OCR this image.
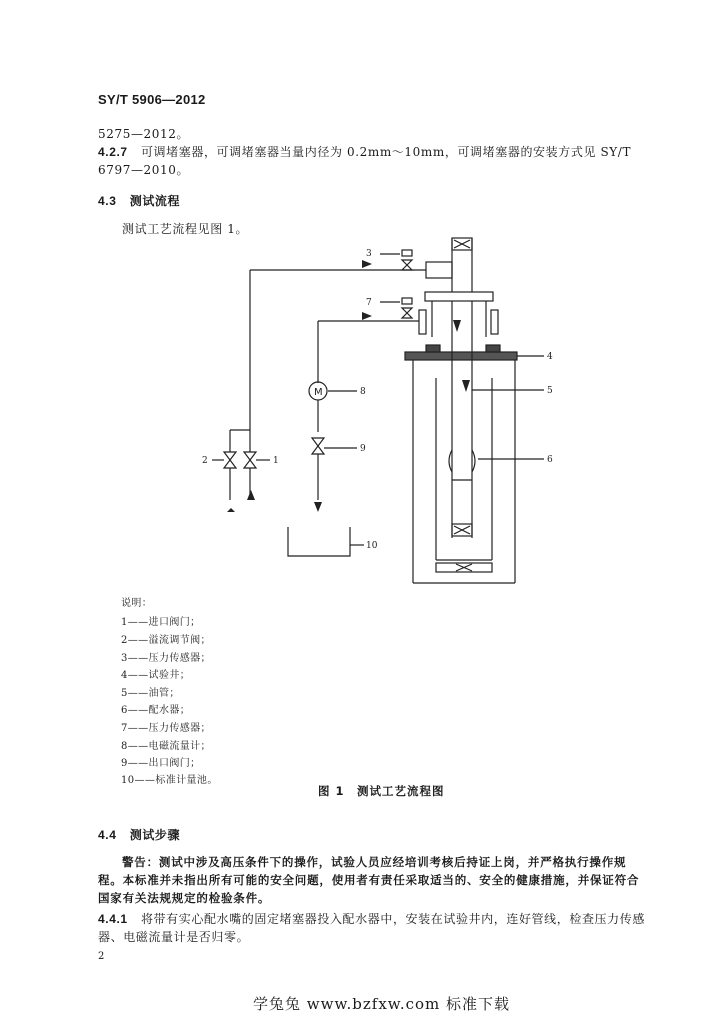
SY/T 5906—2012
5275—2012。
4.2.7 可调堵塞器，可调堵塞器当量内径为 0.2mm～10mm，可调堵塞器的安装方式见 SY/T
6797—2010。
4.3 测试流程
测试工艺流程见图 1。
3
7
M	8
9
1
2
4
5
6
10
说明：
1——进口阀门；
2——溢流调节阀；
3——压力传感器；
4——试验井；
5——油管；
6——配水器；
7——压力传感器；
8——电磁流量计；
9——出口阀门；
10——标准计量池。
图 1　测试工艺流程图
4.4 测试步骤
警告：测试中涉及高压条件下的操作，试验人员应经培训考核后持证上岗，并严格执行操作规
程。本标准并未指出所有可能的安全问题，使用者有责任采取适当的、安全的健康措施，并保证符合
国家有关法规规定的检验条件。
4.4.1 将带有实心配水嘴的固定堵塞器投入配水器中，安装在试验井内，连好管线，检查压力传感
器、电磁流量计是否归零。
2
学兔兔 www.bzfxw.com 标准下载
